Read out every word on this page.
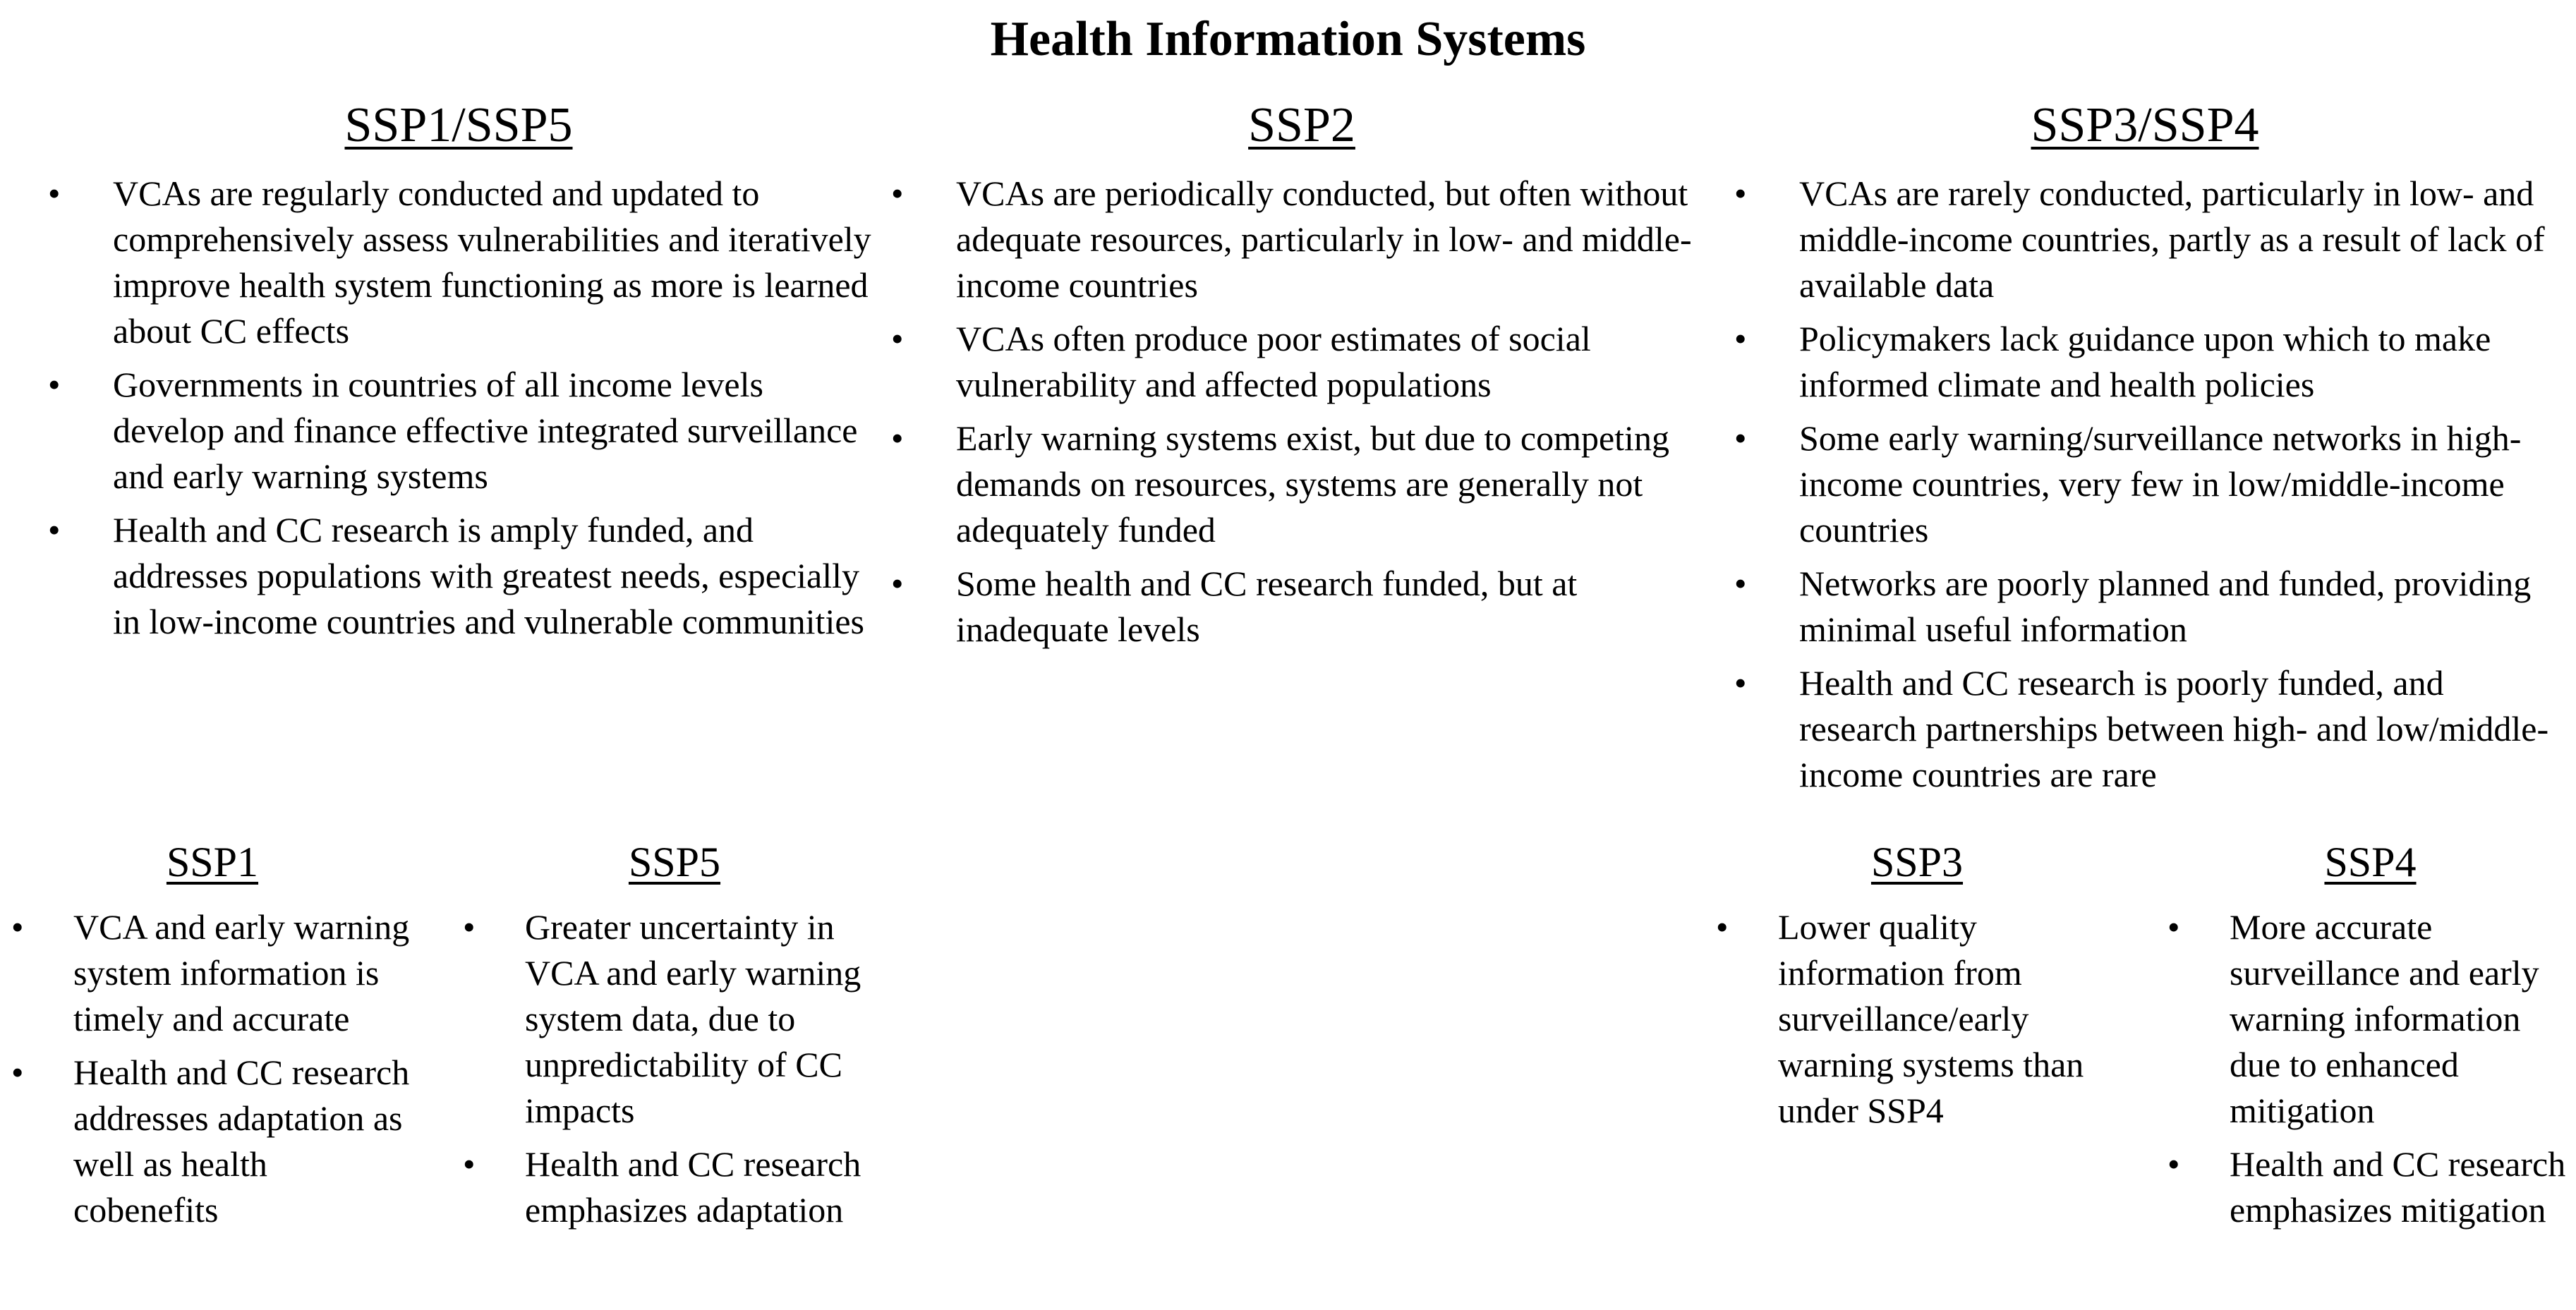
Health Information Systems
SSP1/SSP5
• VCAs are regularly conducted and updated to comprehensively assess vulnerabilities and iteratively improve health system functioning as more is learned about CC effects
• Governments in countries of all income levels develop and finance effective integrated surveillance and early warning systems
• Health and CC research is amply funded, and addresses populations with greatest needs, especially in low-income countries and vulnerable communities
SSP2
• VCAs are periodically conducted, but often without adequate resources, particularly in low- and middle-income countries
• VCAs often produce poor estimates of social vulnerability and affected populations
• Early warning systems exist, but due to competing demands on resources, systems are generally not adequately funded
• Some health and CC research funded, but at inadequate levels
SSP3/SSP4
• VCAs are rarely conducted, particularly in low- and middle-income countries, partly as a result of lack of available data
• Policymakers lack guidance upon which to make informed climate and health policies
• Some early warning/surveillance networks in high-income countries, very few in low/middle-income countries
• Networks are poorly planned and funded, providing minimal useful information
• Health and CC research is poorly funded, and research partnerships between high- and low/middle-income countries are rare
SSP1
• VCA and early warning system information is timely and accurate
• Health and CC research addresses adaptation as well as health cobenefits
SSP5
• Greater uncertainty in VCA and early warning system data, due to unpredictability of CC impacts
• Health and CC research emphasizes adaptation
SSP3
• Lower quality information from surveillance/early warning systems than under SSP4
SSP4
• More accurate surveillance and early warning information due to enhanced mitigation
• Health and CC research emphasizes mitigation
